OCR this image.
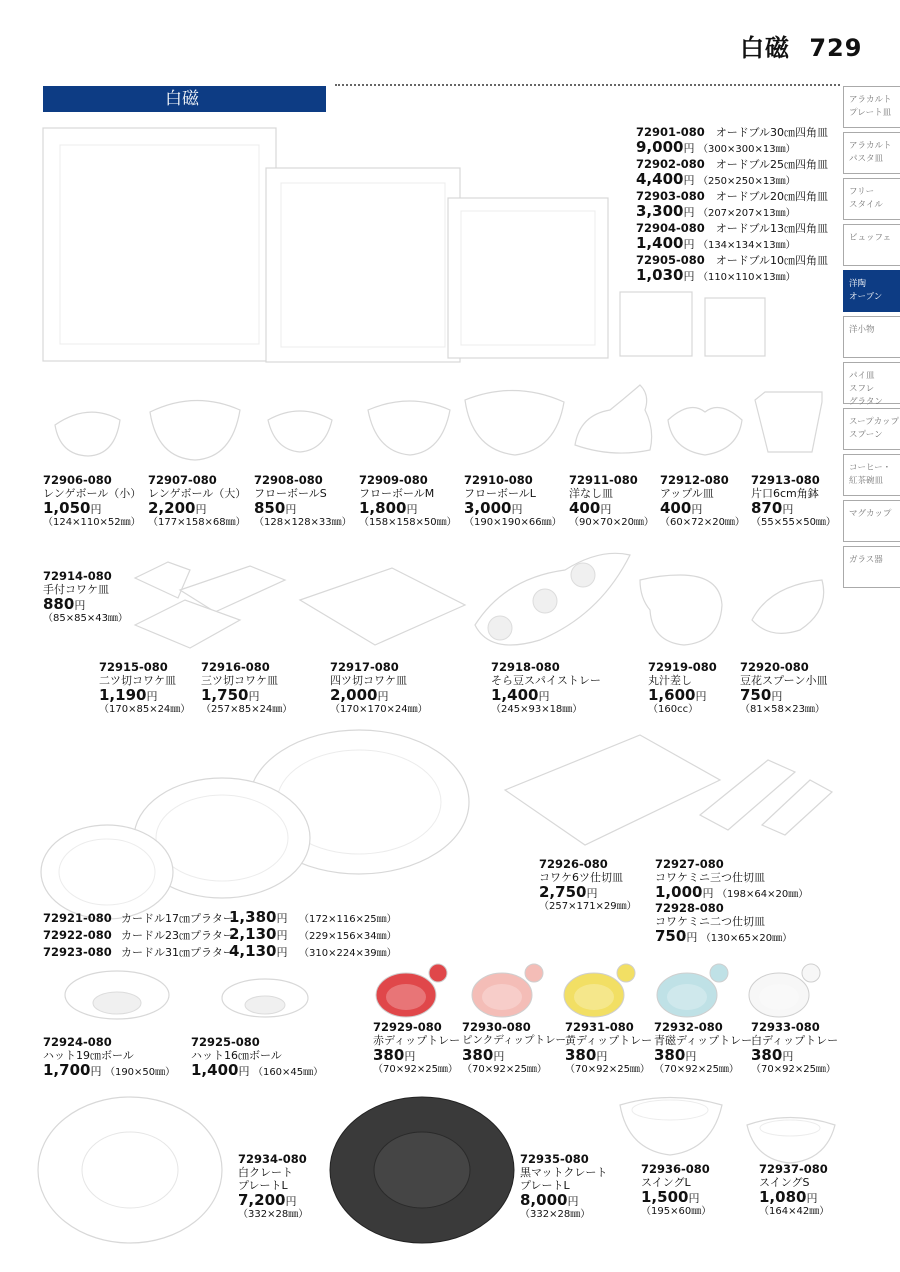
白磁 729
白磁	アラカルト
プレート皿
アラカルト
パスタ皿
フリー
スタイル
ビュッフェ
洋陶
オーブン
洋小物
パイ皿
スフレ
グラタン
スープカップ
スプーン
コーヒー・
紅茶碗皿
マグカップ
ガラス器
72901-080　 オードブル30㎝四角皿
9,000円 （300×300×13㎜）
72902-080　 オードブル25㎝四角皿
4,400円 （250×250×13㎜）
72903-080　 オードブル20㎝四角皿
3,300円 （207×207×13㎜）
72904-080　 オードブル13㎝四角皿
1,400円 （134×134×13㎜）
72905-080　 オードブル10㎝四角皿
1,030円 （110×110×13㎜）
72906-080
レンゲボール（小）
1,050円
（124×110×52㎜）
72907-080
レンゲボール（大）
2,200円
（177×158×68㎜）
72908-080
フローボールS
850円
（128×128×33㎜）
72909-080
フローボールM
1,800円
（158×158×50㎜）
72910-080
フローボールL
3,000円
（190×190×66㎜）
72911-080
洋なし皿
400円
（90×70×20㎜）
72912-080
アップル皿
400円
（60×72×20㎜）
72913-080
片口6cm角鉢
870円
（55×55×50㎜）
72914-080
手付コワケ皿
880円
（85×85×43㎜）
72915-080
二ツ切コワケ皿
1,190円
（170×85×24㎜）
72916-080
三ツ切コワケ皿
1,750円
（257×85×24㎜）
72917-080
四ツ切コワケ皿
2,000円
（170×170×24㎜）
72918-080
そら豆スパイストレー
1,400円
（245×93×18㎜）
72919-080
丸汁差し
1,600円
（160cc）
72920-080
豆花スプーン小皿
750円
（81×58×23㎜）
72926-080
コワケ6ツ仕切皿
2,750円
（257×171×29㎜）
72927-080
コワケミニ三つ仕切皿
1,000円 （198×64×20㎜）
72928-080
コワケミニ二つ仕切皿
750円 （130×65×20㎜）
72921-080 カードル17㎝プラター1,380円 （172×116×25㎜）
72922-080 カードル23㎝プラター2,130円 （229×156×34㎜）
72923-080 カードル31㎝プラター4,130円 （310×224×39㎜）
72924-080
ハット19㎝ボール
1,700円 （190×50㎜）
72925-080
ハット16㎝ボール
1,400円 （160×45㎜）
72929-080
赤ディップトレー
380円
（70×92×25㎜）
72930-080
ピンクディップトレー
380円
（70×92×25㎜）
72931-080
黄ディップトレー
380円
（70×92×25㎜）
72932-080
青磁ディップトレー
380円
（70×92×25㎜）
72933-080
白ディップトレー
380円
（70×92×25㎜）
72934-080
白クレート
プレートL
7,200円
（332×28㎜）
72935-080
黒マットクレート
プレートL
8,000円
（332×28㎜）
72936-080
スイングL
1,500円
（195×60㎜）
72937-080
スイングS
1,080円
（164×42㎜）
